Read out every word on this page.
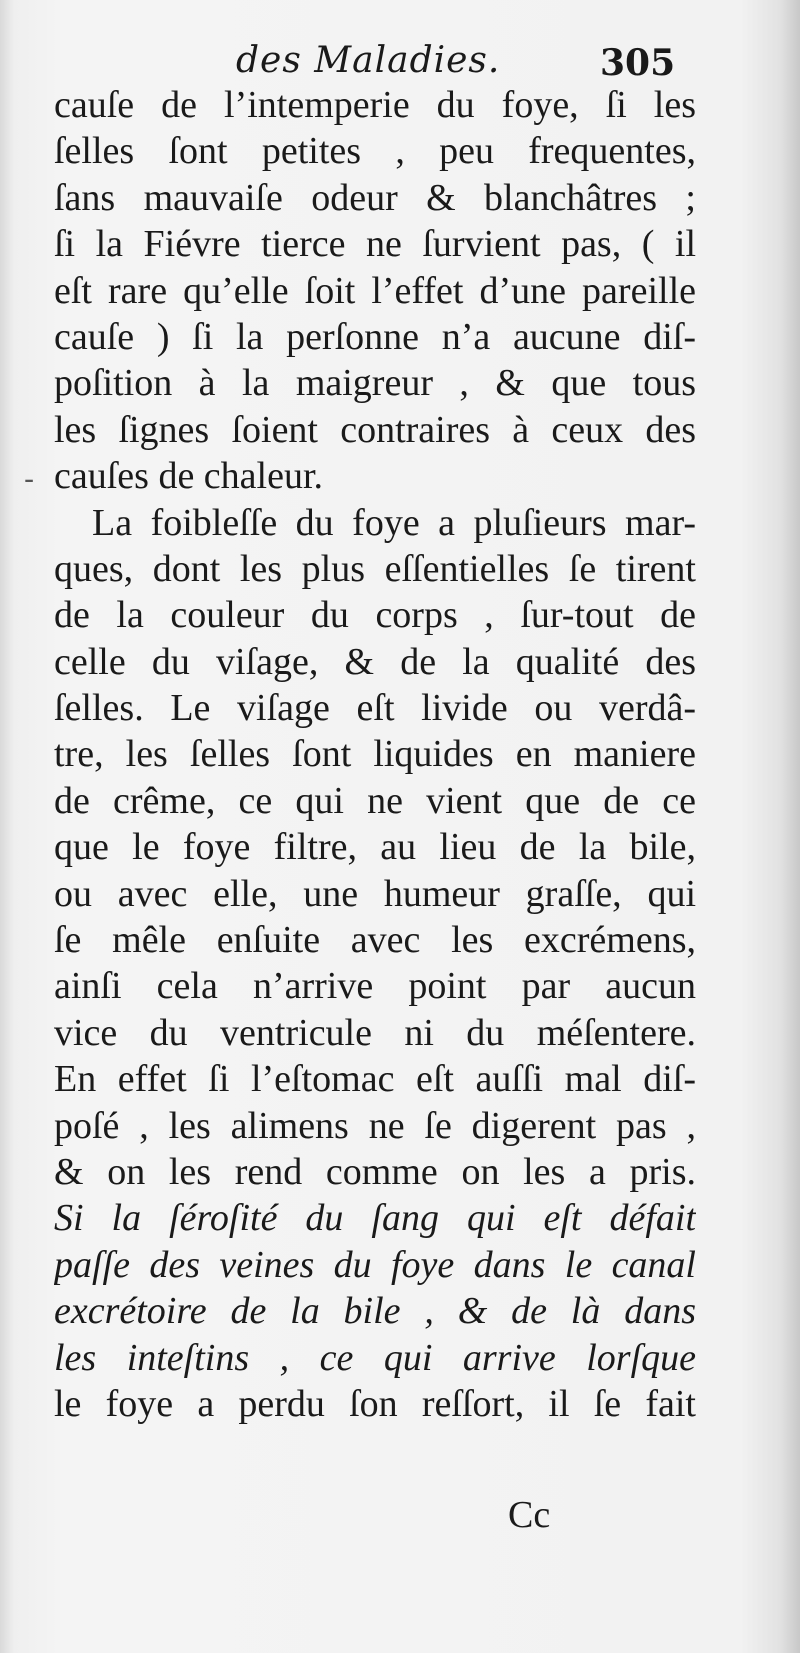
des Maladies.	305
-
cauſe de l’intemperie du foye, ſi les
ſelles ſont petites , peu frequentes,
ſans mauvaiſe odeur & blanchâtres ;
ſi la Fiévre tierce ne ſurvient pas, ( il
eſt rare qu’elle ſoit l’effet d’une pareille
cauſe ) ſi la perſonne n’a aucune diſ-
poſition à la maigreur , & que tous
les ſignes ſoient contraires à ceux des
cauſes de chaleur.
La foibleſſe du foye a pluſieurs mar-
ques, dont les plus eſſentielles ſe tirent
de la couleur du corps , ſur-tout de
celle du viſage, & de la qualité des
ſelles. Le viſage eſt livide ou verdâ-
tre, les ſelles ſont liquides en maniere
de crême, ce qui ne vient que de ce
que le foye filtre, au lieu de la bile,
ou avec elle, une humeur graſſe, qui
ſe mêle enſuite avec les excrémens,
ainſi cela n’arrive point par aucun
vice du ventricule ni du méſentere.
En effet ſi l’eſtomac eſt auſſi mal diſ-
poſé , les alimens ne ſe digerent pas ,
& on les rend comme on les a pris.
Si la ſéroſité du ſang qui eſt défait
paſſe des veines du foye dans le canal
excrétoire de la bile , & de là dans
les inteſtins , ce qui arrive lorſque
le foye a perdu ſon reſſort, il ſe fait
Cc
